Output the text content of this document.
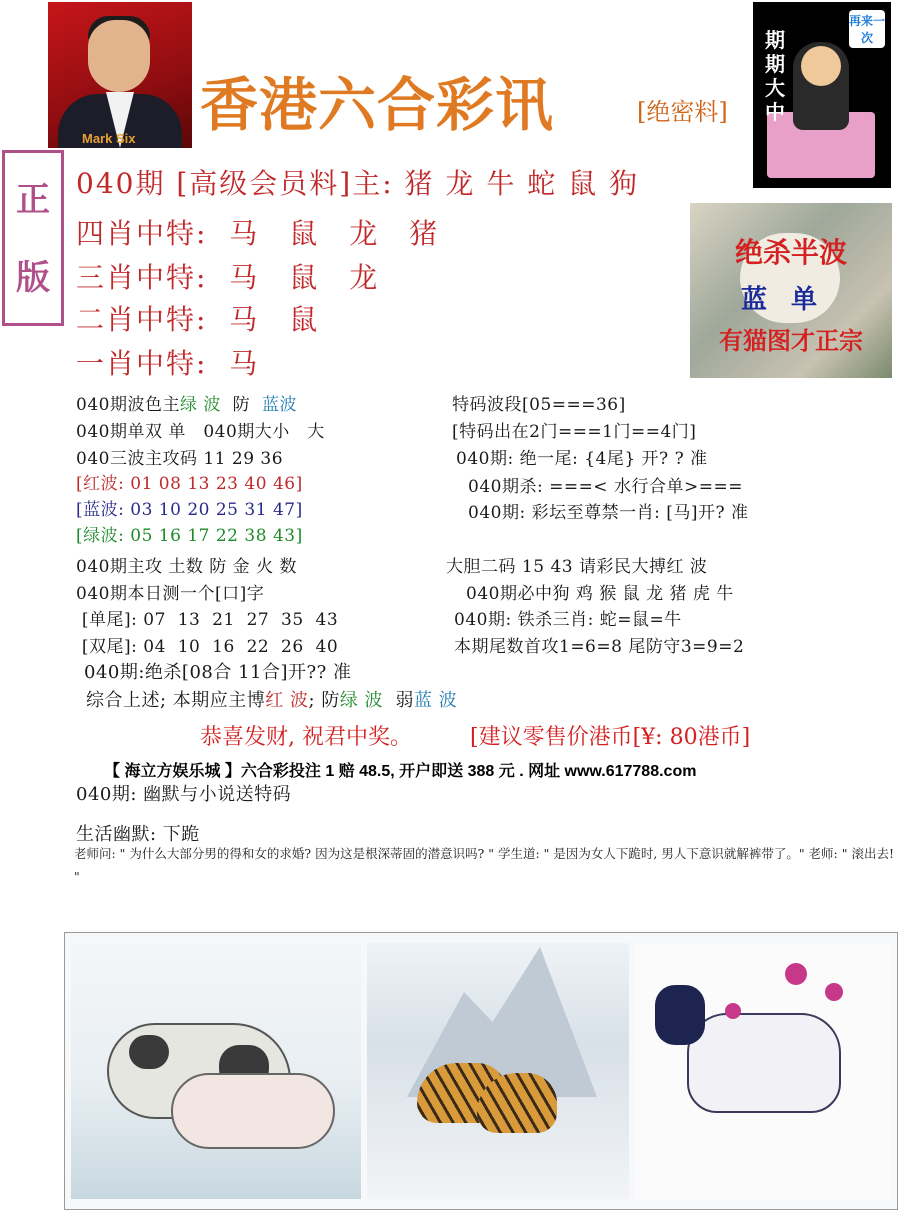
Mark Six 香港六合彩讯	[绝密料]
期期大中
再来一次
正
版
040期 [高级会员料]主: 猪 龙 牛 蛇 鼠 狗
四肖中特: 马　鼠　龙　猪
三肖中特: 马　鼠　龙
二肖中特: 马　鼠
一肖中特: 马
绝杀半波
蓝单
有猫图才正宗
040期波色主绿 波  防  蓝波
040期单双 单　040期大小　大
040三波主攻码 11 29 36
[红波: 01 08 13 23 40 46]
[蓝波: 03 10 20 25 31 47]
[绿波: 05 16 17 22 38 43]
040期主攻 土数 防 金 火 数
040期本日测一个[口]字
[单尾]: 07  13  21  27  35  43
[双尾]: 04  10  16  22  26  40
040期:绝杀[08合 11合]开?? 准
特码波段[05===36]
[特码出在2门===1门==4门]
040期: 绝一尾: {4尾} 开? ? 准
040期杀: ===< 水行合单>===
040期: 彩坛至尊禁一肖: [马]开? 准
大胆二码 15 43 请彩民大搏红 波
040期必中狗 鸡 猴 鼠 龙 猪 虎 牛
040期: 铁杀三肖: 蛇=鼠=牛
本期尾数首攻1=6=8 尾防守3=9=2
综合上述; 本期应主博红 波; 防绿 波  弱蓝 波
恭喜发财, 祝君中奖。	[建议零售价港币[¥: 80港币]
【 海立方娱乐城 】六合彩投注 1 赔 48.5, 开户即送 388 元 . 网址 www.617788.com
040期: 幽默与小说送特码
生活幽默: 下跪
老师问: " 为什么大部分男的得和女的求婚? 因为这是根深蒂固的潜意识吗? " 学生道: " 是因为女人下跪时, 男人下意识就解裤带了。" 老师: " 滚出去! "
